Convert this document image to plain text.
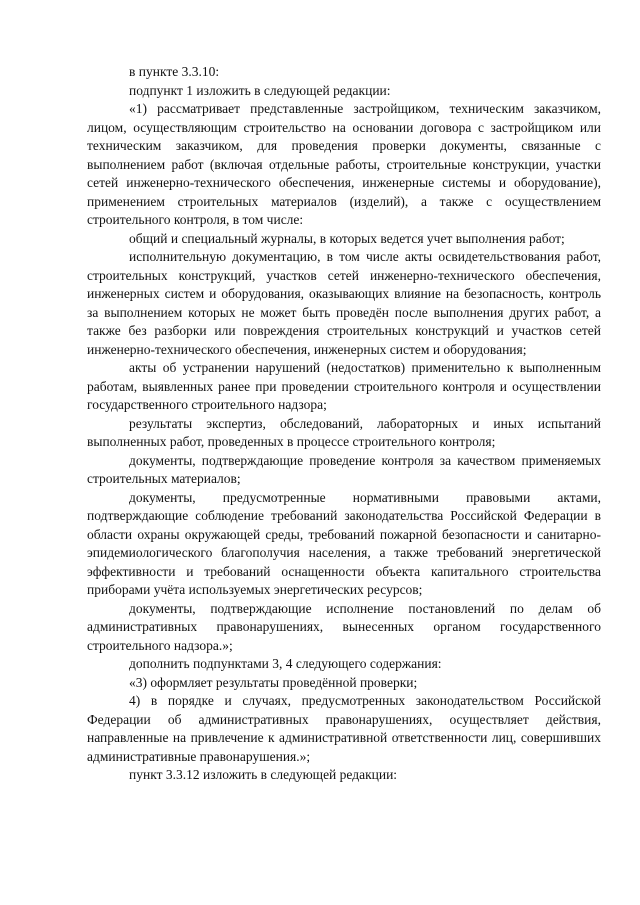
в пункте 3.3.10:

подпункт 1 изложить в следующей редакции:

«1) рассматривает представленные застройщиком, техническим заказчиком, лицом, осуществляющим строительство на основании договора с застройщиком или техническим заказчиком, для проведения проверки документы, связанные с выполнением работ (включая отдельные работы, строительные конструкции, участки сетей инженерно-технического обеспечения, инженерные системы и оборудование), применением строительных материалов (изделий), а также с осуществлением строительного контроля, в том числе:

общий и специальный журналы, в которых ведется учет выполнения работ;

исполнительную документацию, в том числе акты освидетельствования работ, строительных конструкций, участков сетей инженерно-технического обеспечения, инженерных систем и оборудования, оказывающих влияние на безопасность, контроль за выполнением которых не может быть проведён после выполнения других работ, а также без разборки или повреждения строительных конструкций и участков сетей инженерно-технического обеспечения, инженерных систем и оборудования;

акты об устранении нарушений (недостатков) применительно к выполненным работам, выявленных ранее при проведении строительного контроля и осуществлении государственного строительного надзора;

результаты экспертиз, обследований, лабораторных и иных испытаний выполненных работ, проведенных в процессе строительного контроля;

документы, подтверждающие проведение контроля за качеством применяемых строительных материалов;

документы, предусмотренные нормативными правовыми актами, подтверждающие соблюдение требований законодательства Российской Федерации в области охраны окружающей среды, требований пожарной безопасности и санитарно-эпидемиологического благополучия населения, а также требований энергетической эффективности и требований оснащенности объекта капитального строительства приборами учёта используемых энергетических ресурсов;

документы, подтверждающие исполнение постановлений по делам об административных правонарушениях, вынесенных органом государственного строительного надзора.»;

дополнить подпунктами 3, 4 следующего содержания:

«3) оформляет результаты проведённой проверки;

4) в порядке и случаях, предусмотренных законодательством Российской Федерации об административных правонарушениях, осуществляет действия, направленные на привлечение к административной ответственности лиц, совершивших административные правонарушения.»;

пункт 3.3.12 изложить в следующей редакции:
